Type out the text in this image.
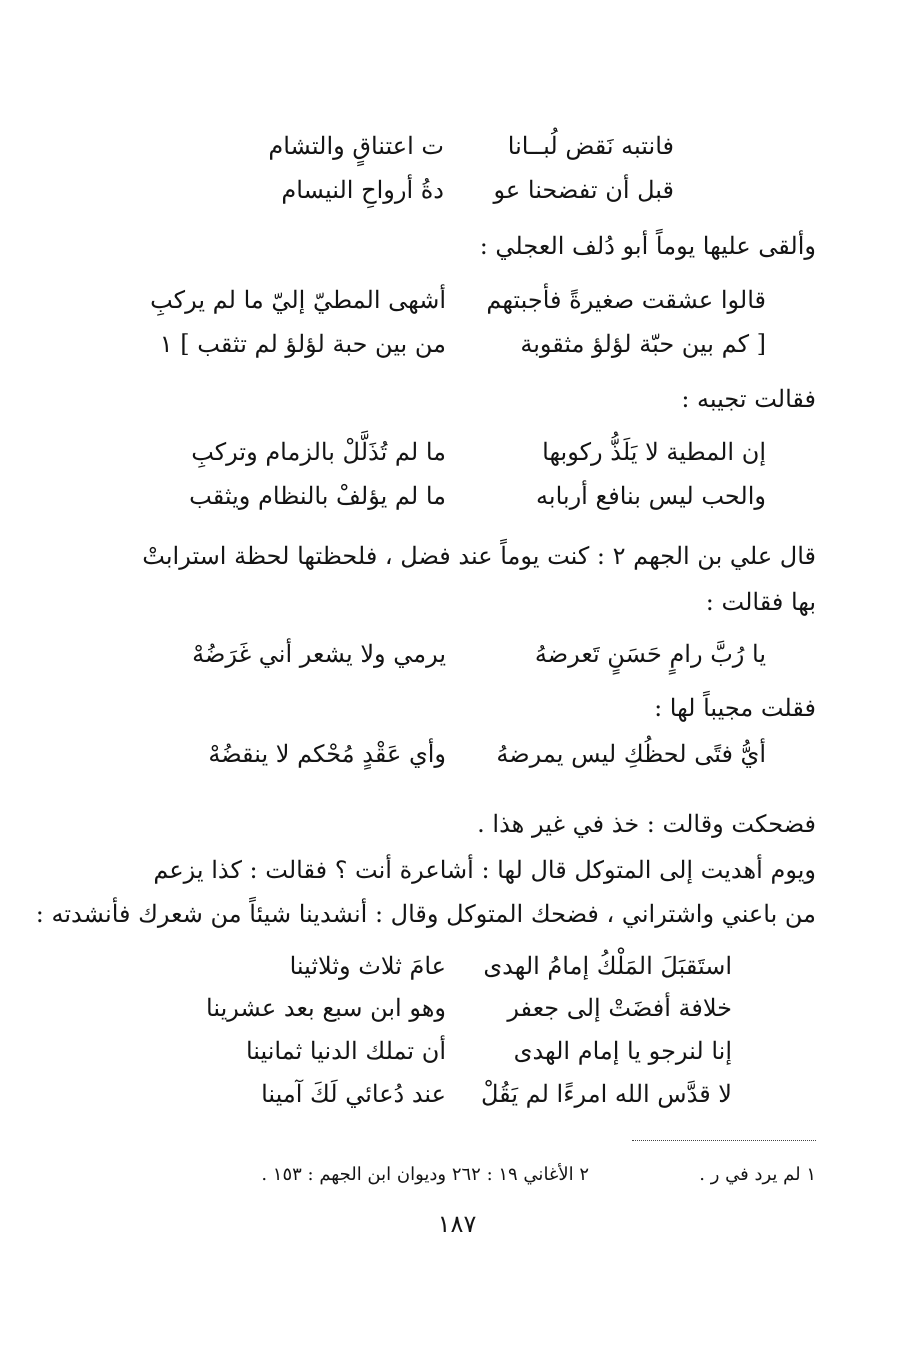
فانتبه نَقض لُبــانات اعتناقٍ والتشام
قبل أن تفضحنا عودةُ أرواحِ النيسام
وألقى عليها يوماً أبو دُلف العجلي :
قالوا عشقت صغيرةً فأجبتهمأشهى المطيّ إليّ ما لم يركبِ
[ كم بين حبّة لؤلؤ مثقوبةمن بين حبة لؤلؤ لم تثقب ] ١
فقالت تجيبه :
إن المطية لا يَلَذُّ ركوبهاما لم تُذَلَّلْ بالزمام وتركبِ
والحب ليس بنافع أربابهما لم يؤلفْ بالنظام ويثقب
قال علي بن الجهم ٢ : كنت يوماً عند فضل ، فلحظتها لحظة استرابتْ
بها فقالت :
يا رُبَّ رامٍ حَسَنٍ تَعرضهُيرمي ولا يشعر أني غَرَضُهْ
فقلت مجيباً لها :
أيُّ فتًى لحظُكِ ليس يمرضهُوأي عَقْدٍ مُحْكم لا ينقضُهْ
فضحكت وقالت : خذ في غير هذا .
ويوم أهديت إلى المتوكل قال لها : أشاعرة أنت ؟ فقالت : كذا يزعم
من باعني واشتراني ، فضحك المتوكل وقال : أنشدينا شيئاً من شعرك فأنشدته :
استَقبَلَ المَلْكُ إمامُ الهدىعامَ ثلاث وثلاثينا
خلافة أفضَتْ إلى جعفروهو ابن سبع بعد عشرينا
إنا لنرجو يا إمام الهدىأن تملك الدنيا ثمانينا
لا قدَّس الله امرءًا لم يَقُلْعند دُعائي لَكَ آمينا
١ لم يرد في ر .
٢ الأغاني ١٩ : ٢٦٢ وديوان ابن الجهم : ١٥٣ .
١٨٧
